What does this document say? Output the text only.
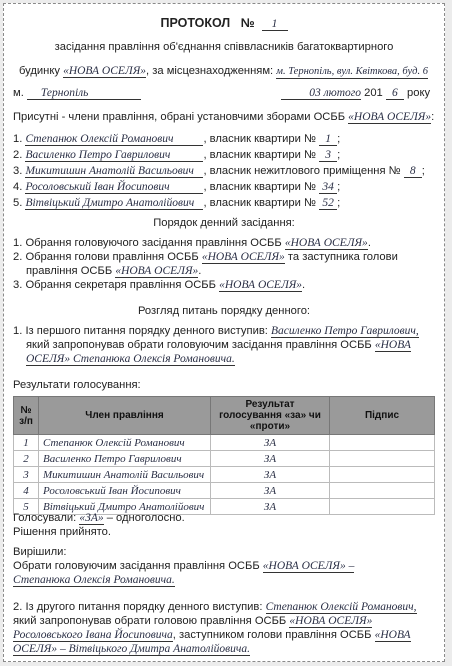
ПРОТОКОЛ № 1
засідання правління об'єднання співвласників багатоквартирного
будинку «НОВА ОСЕЛЯ», за місцезнаходженням: м. Тернопіль, вул. Квіткова, буд. 6
м. Тернопіль	03 лютого 201 6 року
Присутні - члени правління, обрані установчими зборами ОСББ «НОВА ОСЕЛЯ»:
1. Степанюк Олексій Романович	, власник квартири № 1 ;
2. Василенко Петро Гаврилович	, власник квартири № 3 ;
3. Микитишин Анатолій Васильович , власник нежитлового приміщення № 8 ;
4. Росоловський Іван Йосипович	, власник квартири № 34 ;
5. Вітвіцький Дмитро Анатолійович , власник квартири № 52 ;
Порядок денний засідання:
1. Обрання головуючого засідання правління ОСББ «НОВА ОСЕЛЯ».
2. Обрання голови правління ОСББ «НОВА ОСЕЛЯ» та заступника голови
правління ОСББ «НОВА ОСЕЛЯ».
3. Обрання секретаря правління ОСББ «НОВА ОСЕЛЯ».
Розгляд питань порядку денного:
1. Із першого питання порядку денного виступив: Василенко Петро Гаврилович,
який запропонував обрати головуючим засідання правління ОСББ «НОВА
ОСЕЛЯ» Степанюка Олексія Романовича.
Результати голосування:
№ з/п	Член правління	Результат голосування «за» чи «проти»	Підпис
1	Степанюк Олексій Романович	ЗА	
2	Василенко Петро Гаврилович	ЗА	
3	Микитишин Анатолій Васильович	ЗА	
4	Росоловський Іван Йосипович	ЗА	
5	Вітвіцький Дмитро Анатолійович	ЗА	
Голосували: «ЗА» – одноголосно.
Рішення прийнято.
Вирішили:
Обрати головуючим засідання правління ОСББ «НОВА ОСЕЛЯ» –
Степанюка Олексія Романовича.
2. Із другого питання порядку денного виступив: Степанюк Олексій Романович,
який запропонував обрати головою правління ОСББ «НОВА ОСЕЛЯ»
Росоловського Івана Йосиповича, заступником голови правління ОСББ «НОВА
ОСЕЛЯ» – Вітвіцького Дмитра Анатолійовича.
